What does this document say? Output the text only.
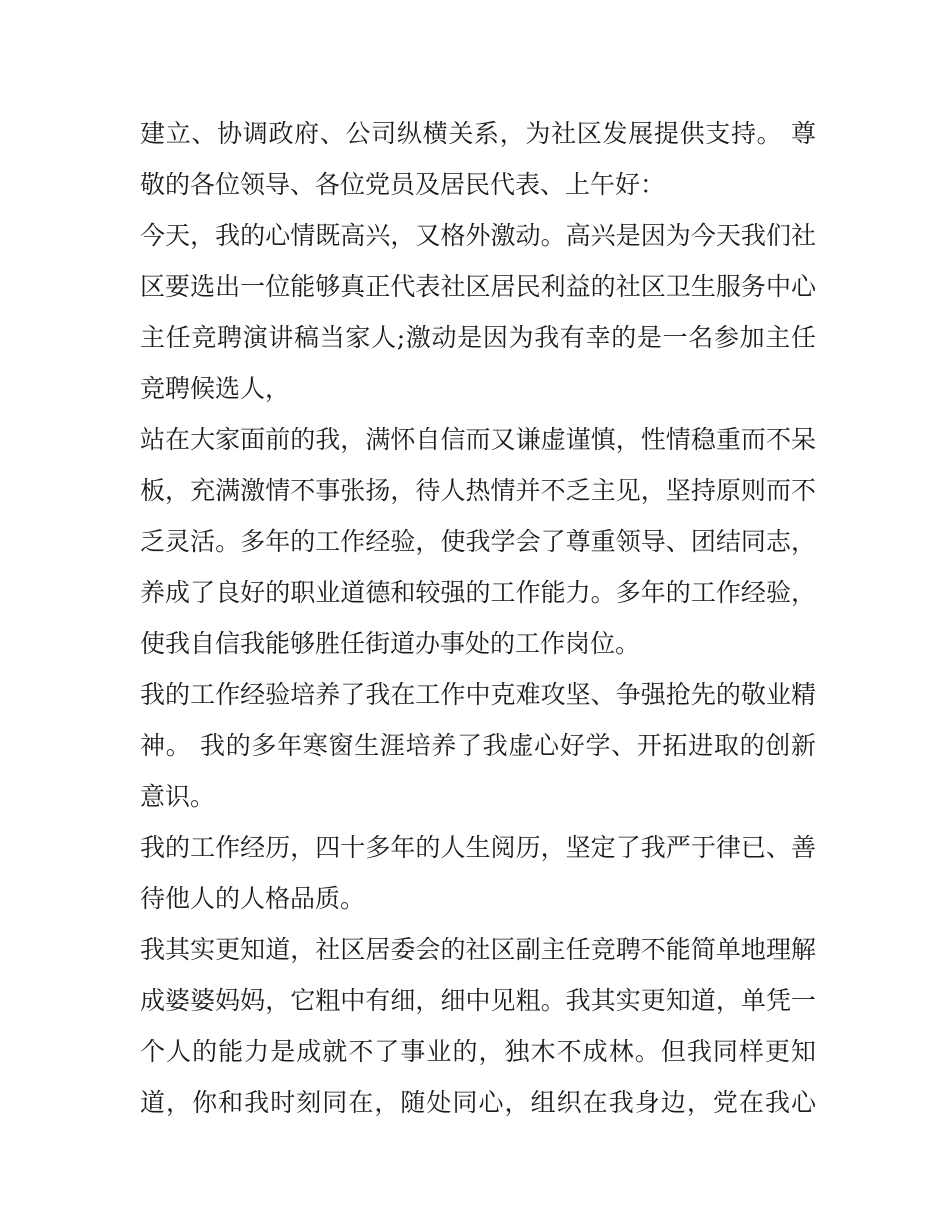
建立、协调政府、公司纵横关系，为社区发展提供支持。 尊
敬的各位领导、各位党员及居民代表、上午好：
今天，我的心情既高兴，又格外激动。高兴是因为今天我们社
区要选出一位能够真正代表社区居民利益的社区卫生服务中心
主任竞聘演讲稿当家人;激动是因为我有幸的是一名参加主任
竞聘候选人，
站在大家面前的我，满怀自信而又谦虚谨慎，性情稳重而不呆
板，充满激情不事张扬，待人热情并不乏主见，坚持原则而不
乏灵活。多年的工作经验，使我学会了尊重领导、团结同志，
养成了良好的职业道德和较强的工作能力。多年的工作经验，
使我自信我能够胜任街道办事处的工作岗位。
我的工作经验培养了我在工作中克难攻坚、争强抢先的敬业精
神。 我的多年寒窗生涯培养了我虚心好学、开拓进取的创新
意识。
我的工作经历，四十多年的人生阅历，坚定了我严于律已、善
待他人的人格品质。
我其实更知道，社区居委会的社区副主任竞聘不能简单地理解
成婆婆妈妈，它粗中有细，细中见粗。我其实更知道，单凭一
个人的能力是成就不了事业的，独木不成林。但我同样更知
道，你和我时刻同在，随处同心，组织在我身边，党在我心
